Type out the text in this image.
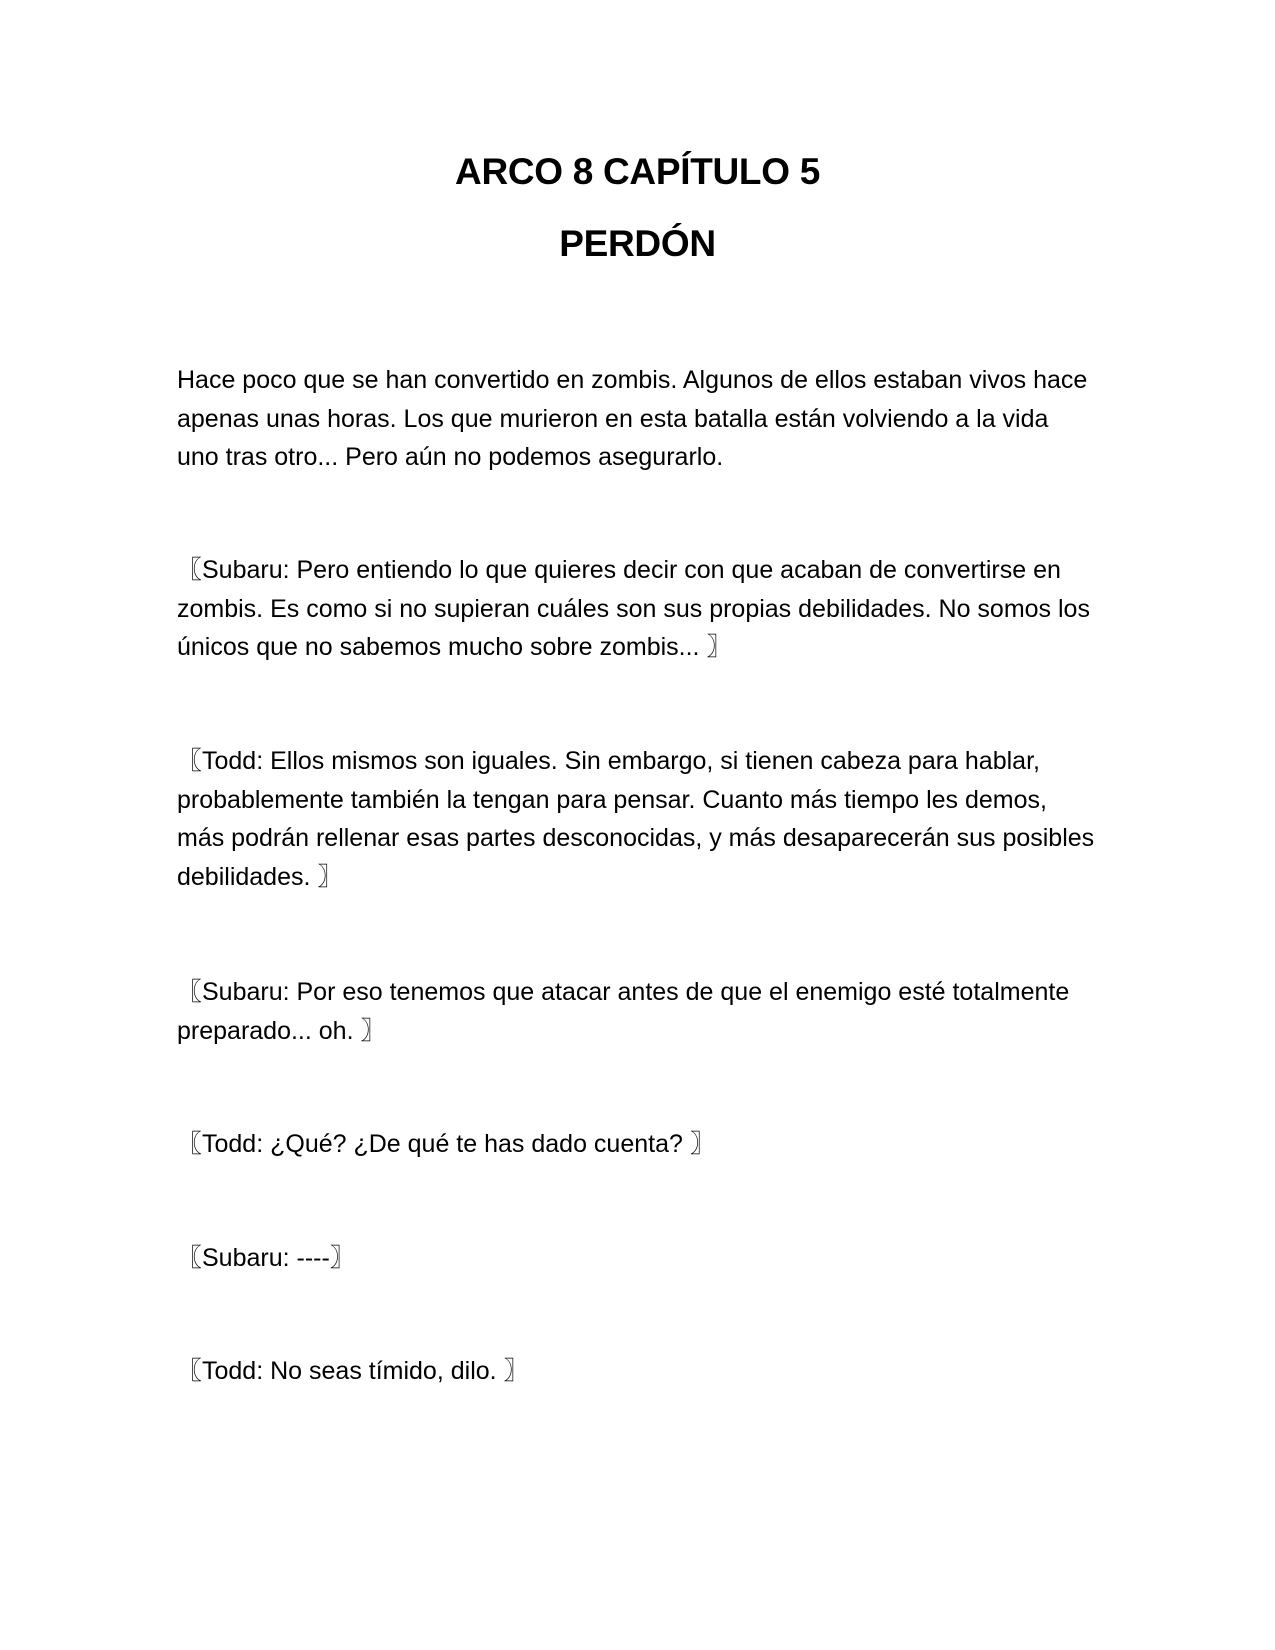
ARCO 8 CAPÍTULO 5
PERDÓN

Hace poco que se han convertido en zombis. Algunos de ellos estaban vivos hace apenas unas horas. Los que murieron en esta batalla están volviendo a la vida uno tras otro... Pero aún no podemos asegurarlo.

〖Subaru: Pero entiendo lo que quieres decir con que acaban de convertirse en zombis. Es como si no supieran cuáles son sus propias debilidades. No somos los únicos que no sabemos mucho sobre zombis... 〗

〖Todd: Ellos mismos son iguales. Sin embargo, si tienen cabeza para hablar, probablemente también la tengan para pensar. Cuanto más tiempo les demos, más podrán rellenar esas partes desconocidas, y más desaparecerán sus posibles debilidades. 〗

〖Subaru: Por eso tenemos que atacar antes de que el enemigo esté totalmente preparado... oh. 〗

〖Todd: ¿Qué? ¿De qué te has dado cuenta? 〗

〖Subaru: ----〗

〖Todd: No seas tímido, dilo. 〗
